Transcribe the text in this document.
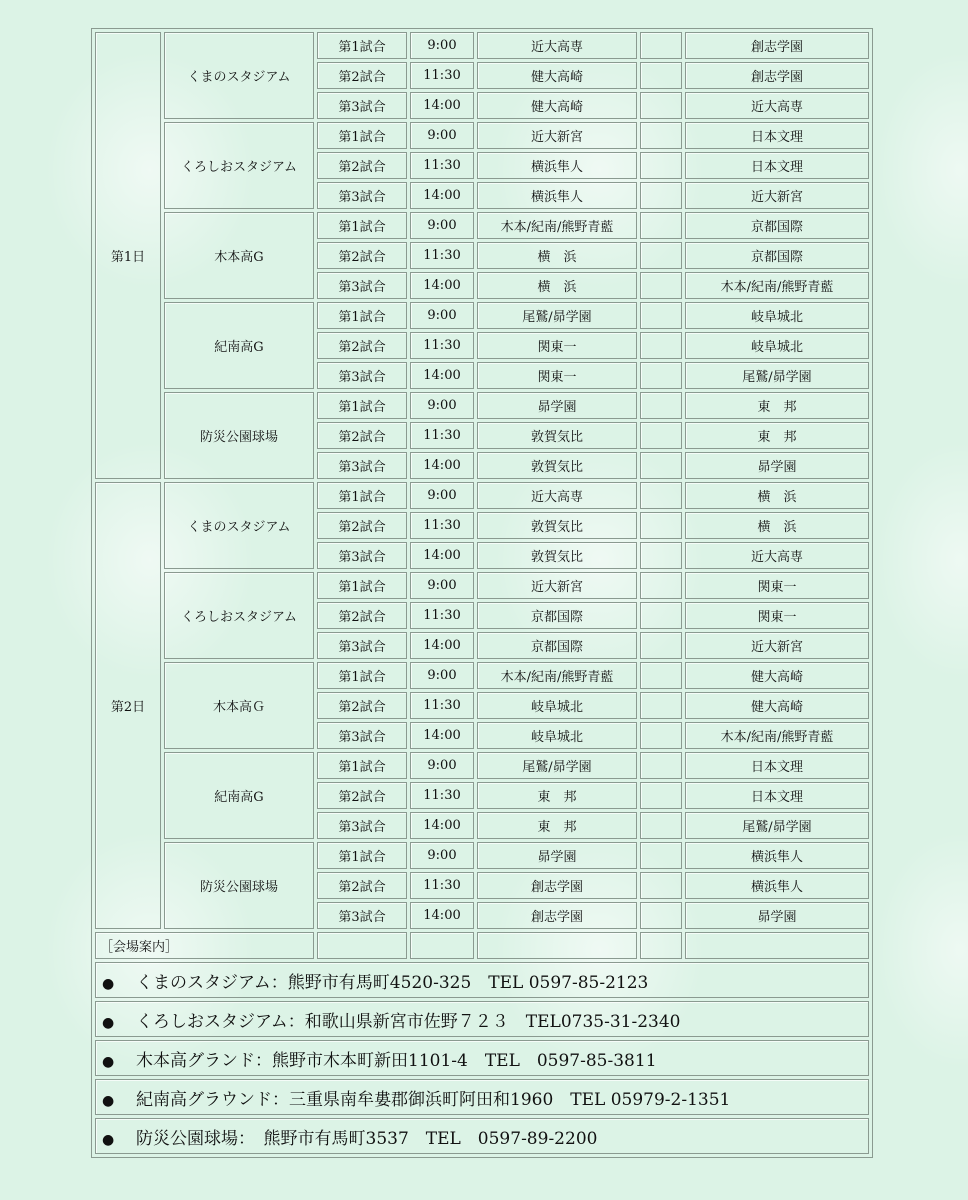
第1日	くまのスタジアム	第1試合	9:00	近大高専		創志学園
		第2試合	11:30	健大高崎		創志学園
		第3試合	14:00	健大高崎		近大高専
	くろしおスタジアム	第1試合	9:00	近大新宮		日本文理
		第2試合	11:30	横浜隼人		日本文理
		第3試合	14:00	横浜隼人		近大新宮
	木本高G	第1試合	9:00	木本/紀南/熊野青藍		京都国際
		第2試合	11:30	横　浜		京都国際
		第3試合	14:00	横　浜		木本/紀南/熊野青藍
	紀南高G	第1試合	9:00	尾鷲/昴学園		岐阜城北
		第2試合	11:30	関東一		岐阜城北
		第3試合	14:00	関東一		尾鷲/昴学園
	防災公園球場	第1試合	9:00	昴学園		東　邦
		第2試合	11:30	敦賀気比		東　邦
		第3試合	14:00	敦賀気比		昴学園
第2日	くまのスタジアム	第1試合	9:00	近大高専		横　浜
		第2試合	11:30	敦賀気比		横　浜
		第3試合	14:00	敦賀気比		近大高専
	くろしおスタジアム	第1試合	9:00	近大新宮		関東一
		第2試合	11:30	京都国際		関東一
		第3試合	14:00	京都国際		近大新宮
	木本高Ｇ	第1試合	9:00	木本/紀南/熊野青藍		健大高崎
		第2試合	11:30	岐阜城北		健大高崎
		第3試合	14:00	岐阜城北		木本/紀南/熊野青藍
	紀南高G	第1試合	9:00	尾鷲/昴学園		日本文理
		第2試合	11:30	東　邦		日本文理
		第3試合	14:00	東　邦		尾鷲/昴学園
	防災公園球場	第1試合	9:00	昴学園		横浜隼人
		第2試合	11:30	創志学園		横浜隼人
		第3試合	14:00	創志学園		昴学園
［会場案内］						
● くまのスタジアム：熊野市有馬町4520-325　TEL 0597-85-2123						
● くろしおスタジアム：和歌山県新宮市佐野７２３　TEL0735-31-2340						
● 木本高グランド：熊野市木本町新田1101-4　TEL　0597-85-3811						
● 紀南高グラウンド：三重県南牟婁郡御浜町阿田和1960　TEL 05979-2-1351						
● 防災公園球場：　熊野市有馬町3537　TEL　0597-89-2200						
